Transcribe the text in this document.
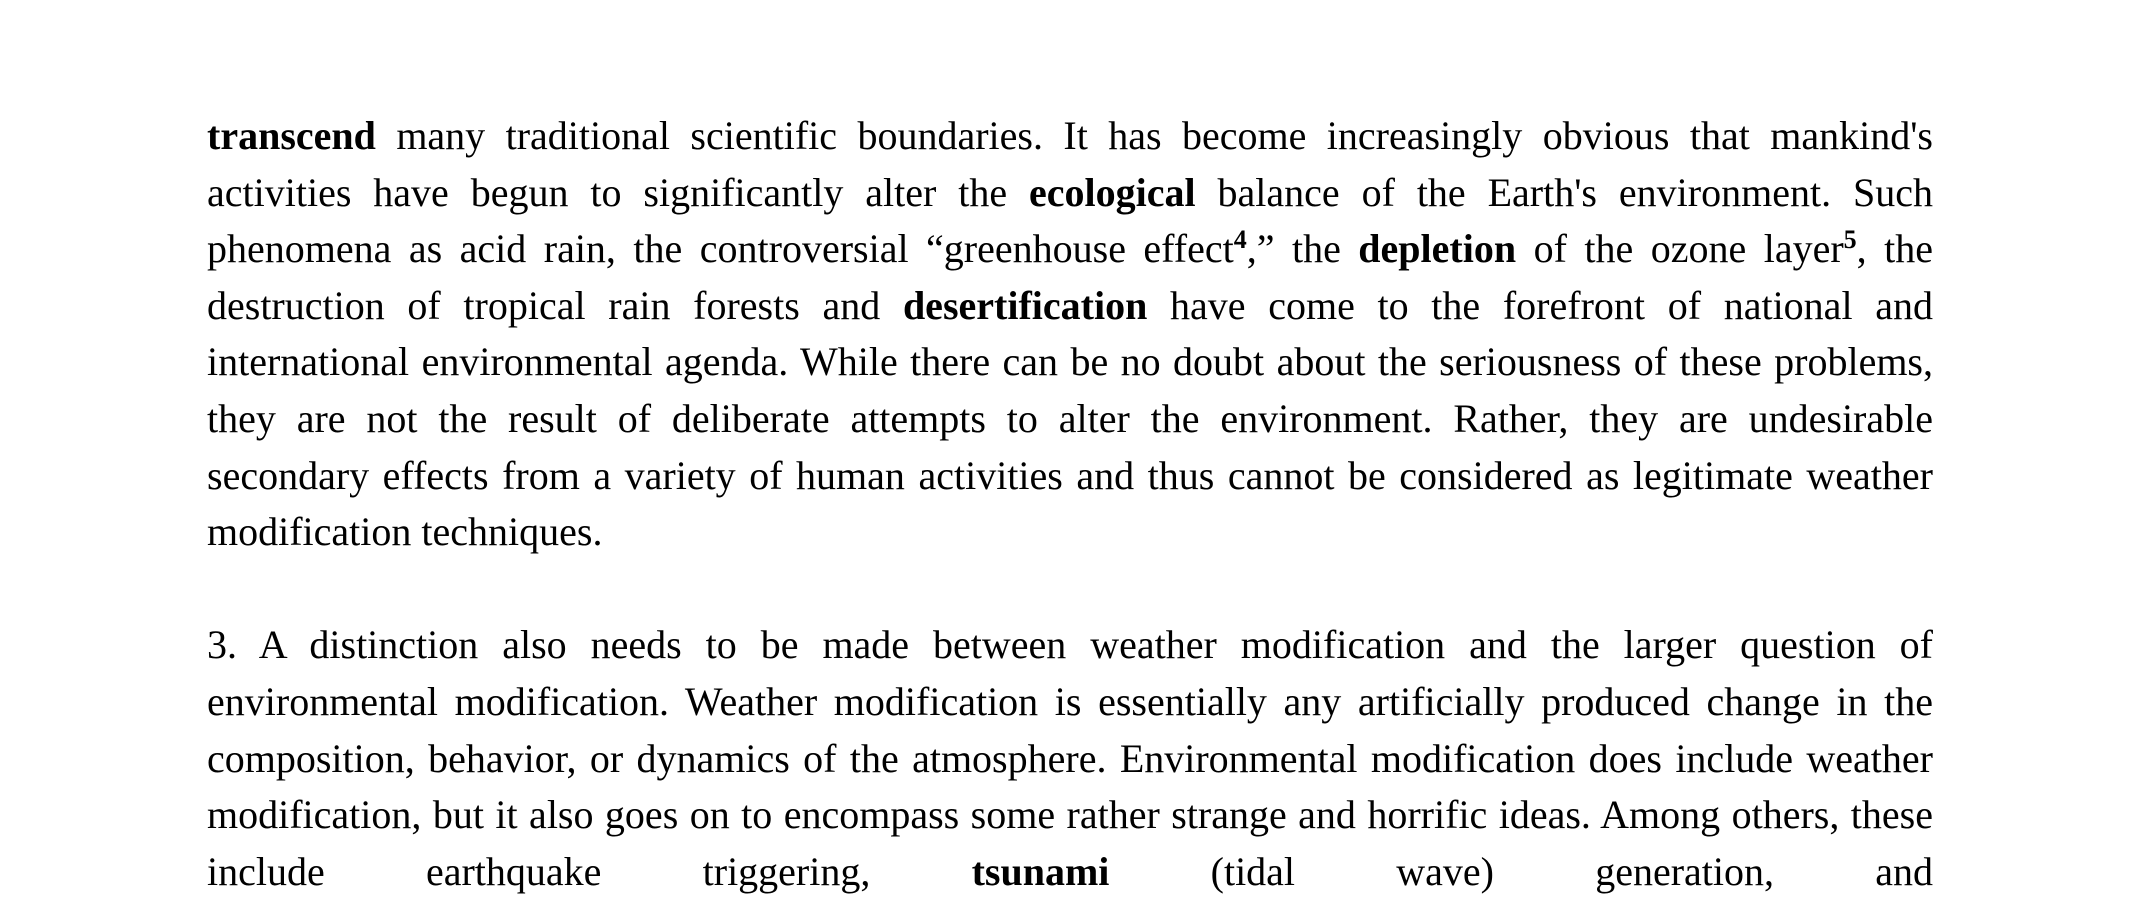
transcend many traditional scientific boundaries. It has become increasingly obvious that mankind's activities have begun to significantly alter the ecological balance of the Earth's environment. Such phenomena as acid rain, the controversial “greenhouse effect$^4$,” the depletion of the ozone layer$^5$, the destruction of tropical rain forests and desertification have come to the forefront of national and international environmental agenda. While there can be no doubt about the seriousness of these problems, they are not the result of deliberate attempts to alter the environment. Rather, they are undesirable secondary effects from a variety of human activities and thus cannot be considered as legitimate weather modification techniques.

3. A distinction also needs to be made between weather modification and the larger question of environmental modification. Weather modification is essentially any artificially produced change in the composition, behavior, or dynamics of the atmosphere. Environmental modification does include weather modification, but it also goes on to encompass some rather strange and horrific ideas. Among others, these include earthquake triggering, tsunami (tidal wave) generation, and
